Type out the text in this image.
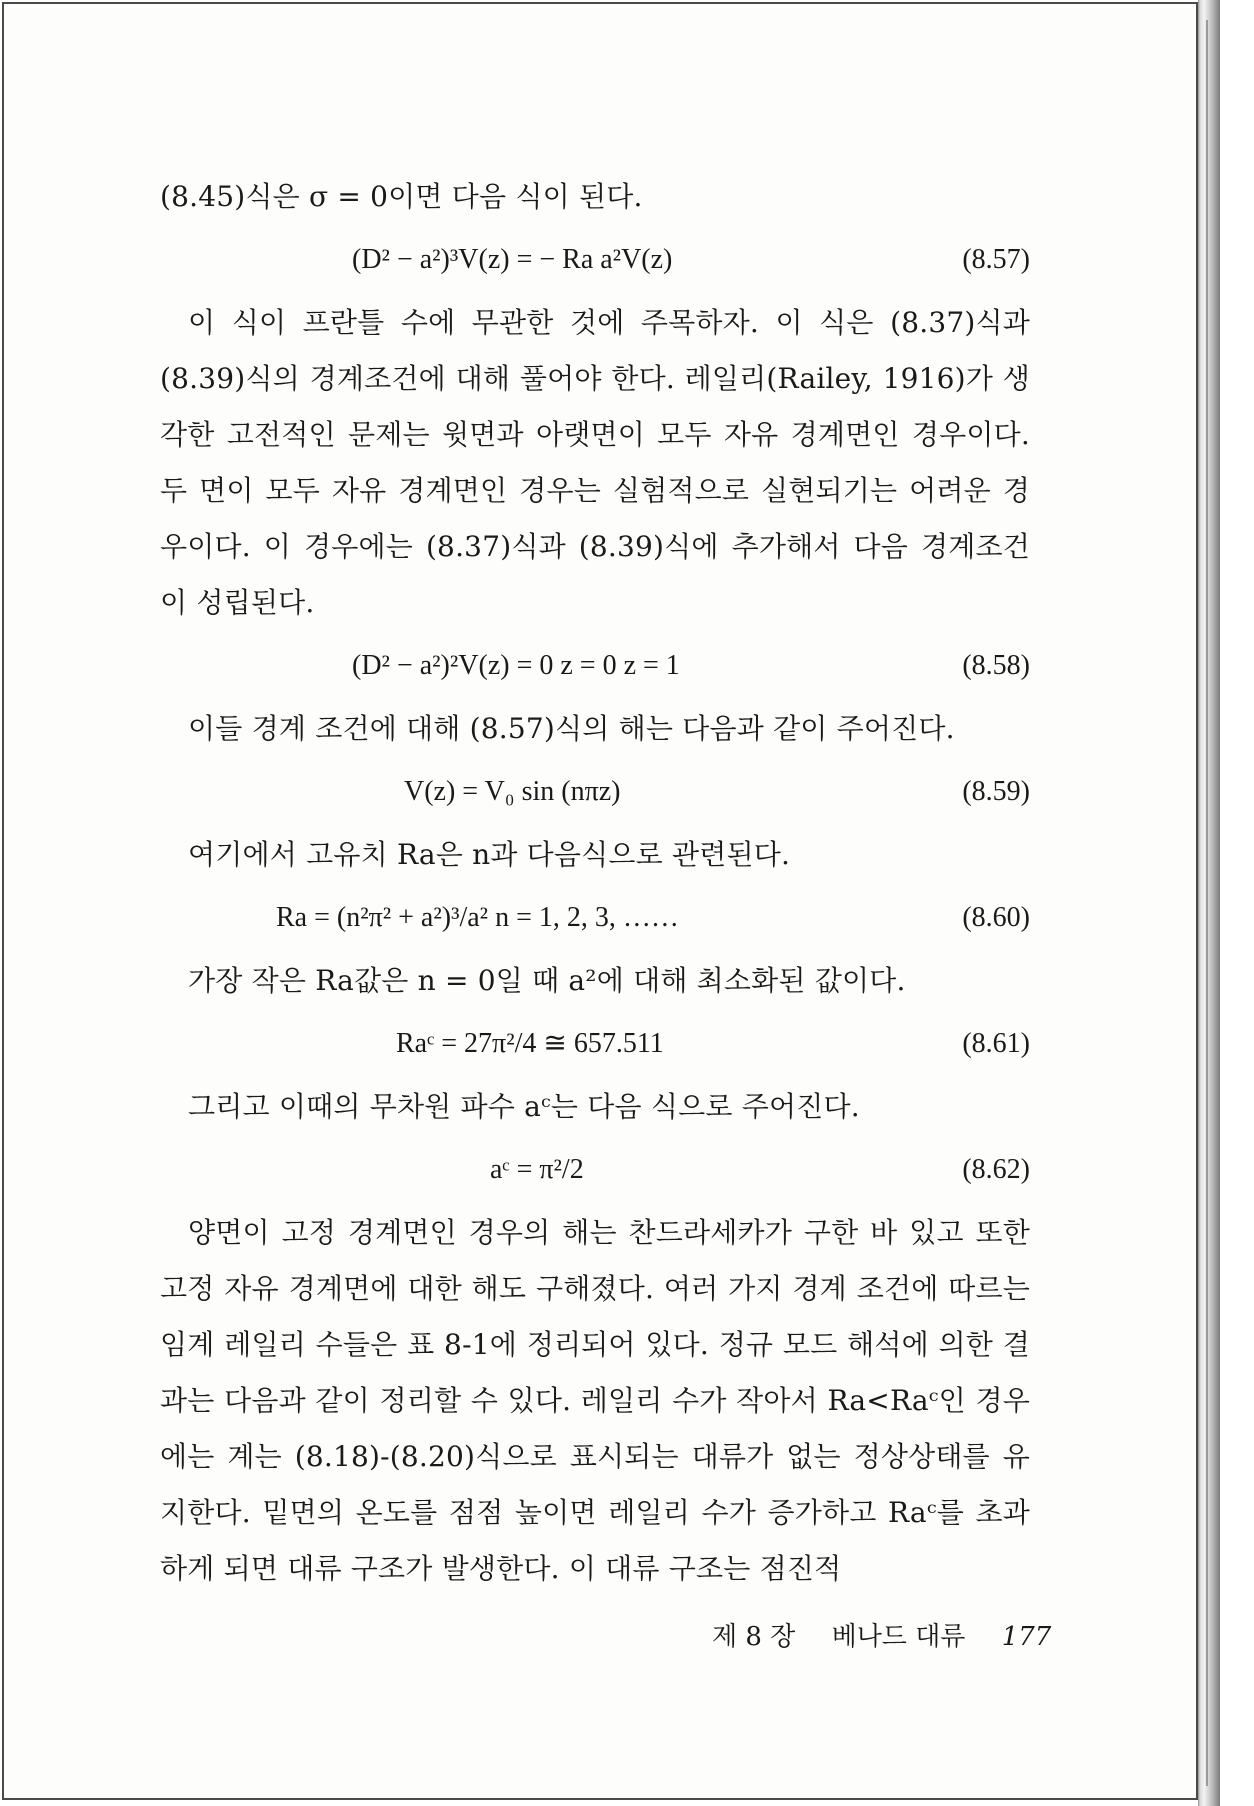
(8.45)식은 σ = 0이면 다음 식이 된다.

(D² − a²)³V(z) = − Ra a²V(z)	(8.57)

이 식이 프란틀 수에 무관한 것에 주목하자. 이 식은 (8.37)식과 (8.39)식의 경계조건에 대해 풀어야 한다. 레일리(Railey, 1916)가 생각한 고전적인 문제는 윗면과 아랫면이 모두 자유 경계면인 경우이다. 두 면이 모두 자유 경계면인 경우는 실험적으로 실현되기는 어려운 경우이다. 이 경우에는 (8.37)식과 (8.39)식에 추가해서 다음 경계조건이 성립된다.

(D² − a²)²V(z) = 0 z = 0 z = 1	(8.58)

이들 경계 조건에 대해 (8.57)식의 해는 다음과 같이 주어진다.

V(z) = V₀ sin (nπz)	(8.59)

여기에서 고유치 Ra은 n과 다음식으로 관련된다.

Ra = (n²π² + a²)³/a² n = 1, 2, 3, ……	(8.60)

가장 작은 Ra값은 n = 0일 때 a²에 대해 최소화된 값이다.

Raᶜ = 27π²/4 ≅ 657.511	(8.61)

그리고 이때의 무차원 파수 aᶜ는 다음 식으로 주어진다.

aᶜ = π²/2	(8.62)

양면이 고정 경계면인 경우의 해는 찬드라세카가 구한 바 있고 또한 고정 자유 경계면에 대한 해도 구해졌다. 여러 가지 경계 조건에 따르는 임계 레일리 수들은 표 8-1에 정리되어 있다. 정규 모드 해석에 의한 결과는 다음과 같이 정리할 수 있다. 레일리 수가 작아서 Ra<Raᶜ인 경우에는 계는 (8.18)-(8.20)식으로 표시되는 대류가 없는 정상상태를 유지한다. 밑면의 온도를 점점 높이면 레일리 수가 증가하고 Raᶜ를 초과하게 되면 대류 구조가 발생한다. 이 대류 구조는 점진적

제 8 장 베나드 대류 177
